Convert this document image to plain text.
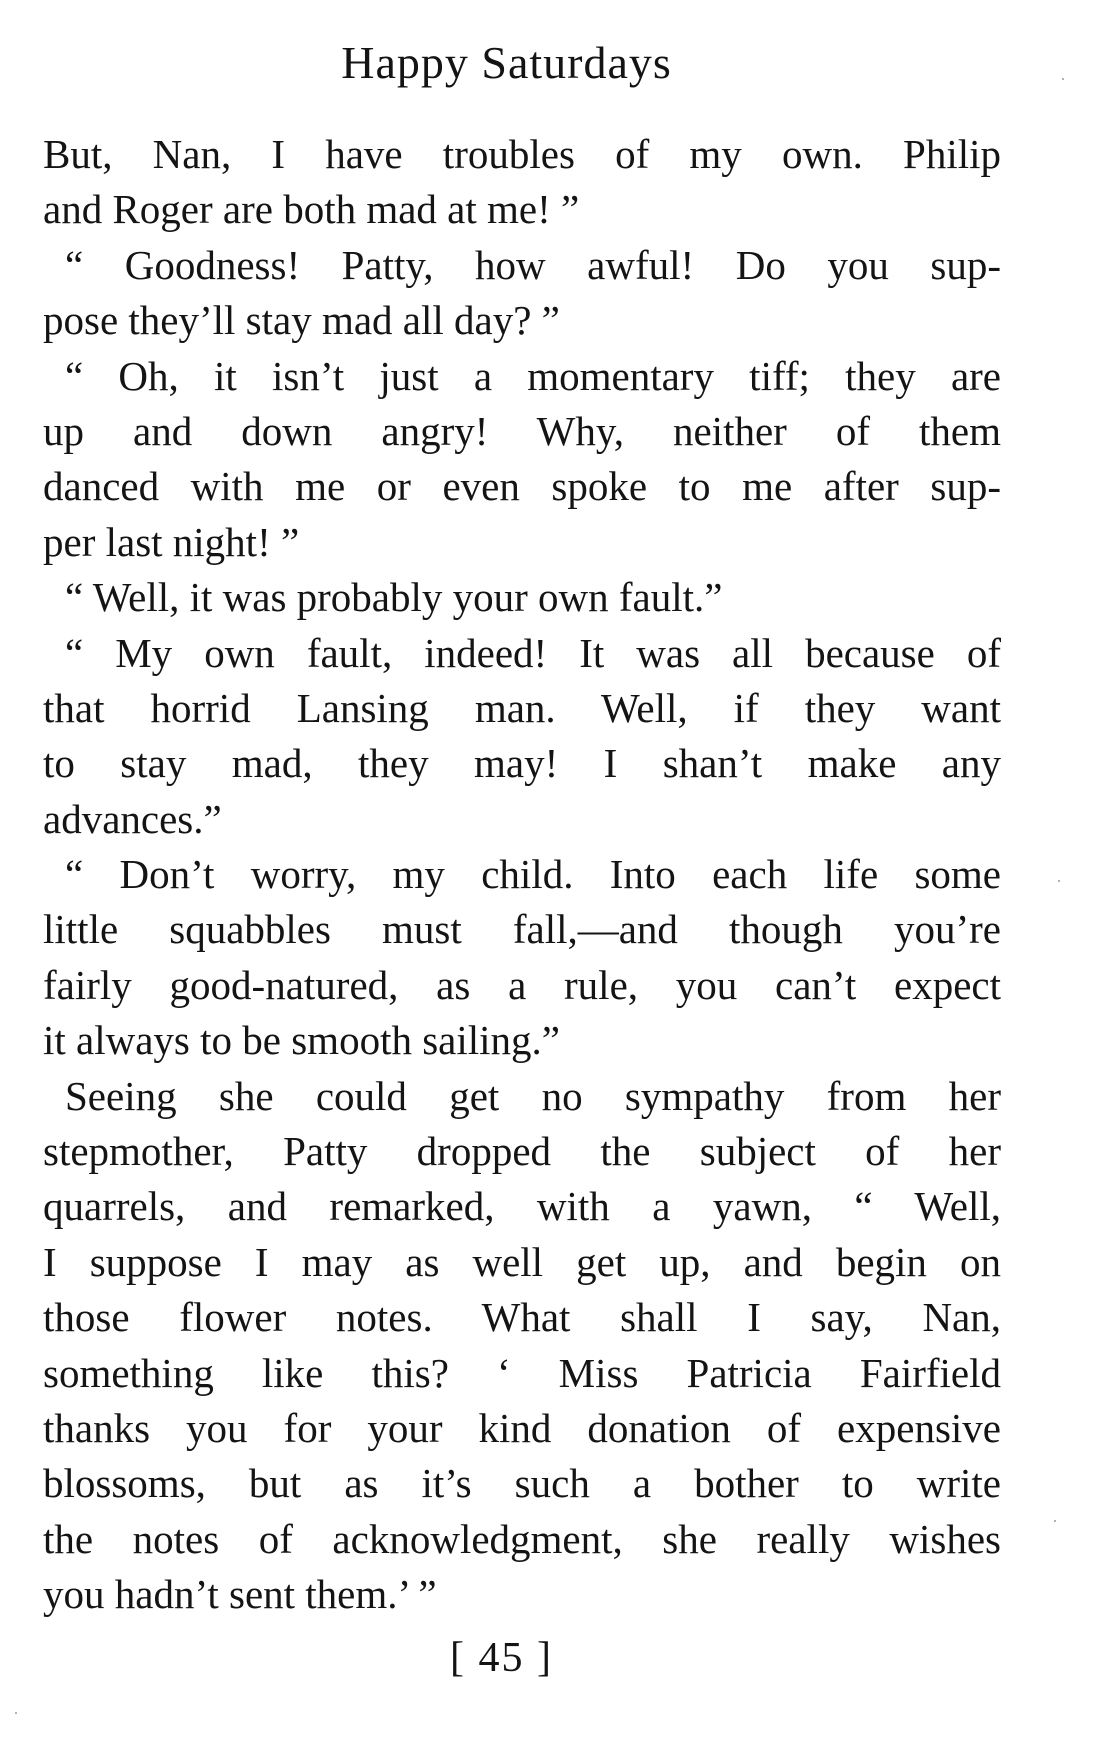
Happy Saturdays
But, Nan, I have troubles of my own. Philip
and Roger are both mad at me! ”
“ Goodness! Patty, how awful! Do you sup-
pose they’ll stay mad all day? ”
“ Oh, it isn’t just a momentary tiff; they are
up and down angry! Why, neither of them
danced with me or even spoke to me after sup-
per last night! ”
“ Well, it was probably your own fault.”
“ My own fault, indeed! It was all because of
that horrid Lansing man. Well, if they want
to stay mad, they may! I shan’t make any
advances.”
“ Don’t worry, my child. Into each life some
little squabbles must fall,—and though you’re
fairly good-natured, as a rule, you can’t expect
it always to be smooth sailing.”
Seeing she could get no sympathy from her
stepmother, Patty dropped the subject of her
quarrels, and remarked, with a yawn, “ Well,
I suppose I may as well get up, and begin on
those flower notes. What shall I say, Nan,
something like this? ‘ Miss Patricia Fairfield
thanks you for your kind donation of expensive
blossoms, but as it’s such a bother to write
the notes of acknowledgment, she really wishes
you hadn’t sent them.’ ”
[ 45 ]
